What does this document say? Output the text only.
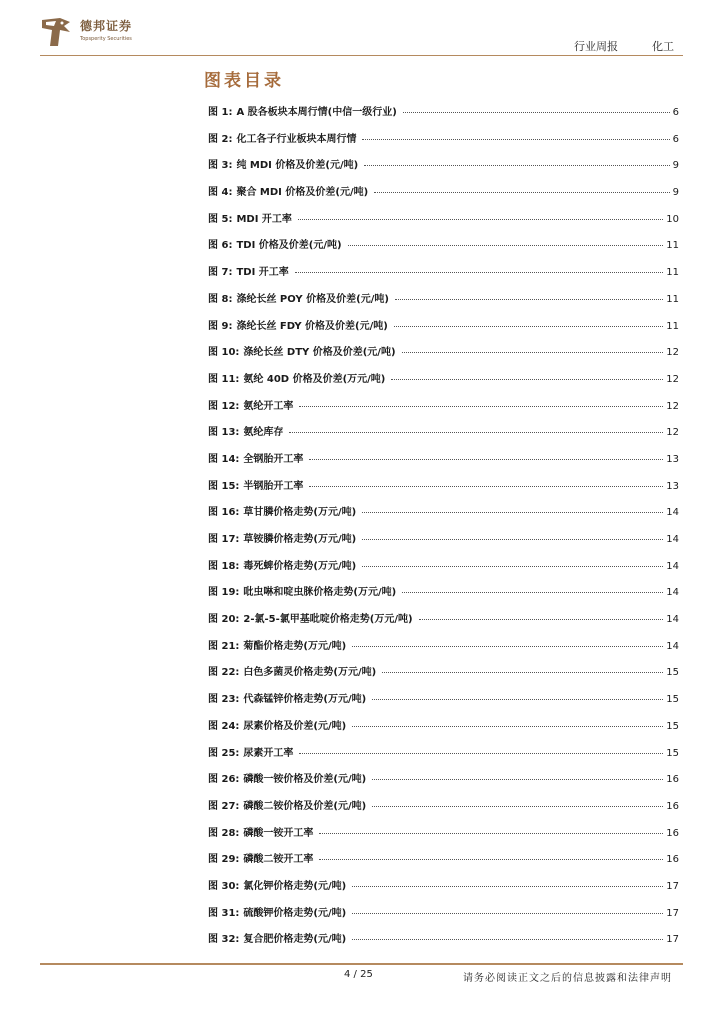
德邦证券
Topsperity Securities
行业周报	化工
图表目录
图 1: A 股各板块本周行情(中信一级行业)	6
图 2: 化工各子行业板块本周行情	6
图 3: 纯 MDI 价格及价差(元/吨)	9
图 4: 聚合 MDI 价格及价差(元/吨)	9
图 5: MDI 开工率	10
图 6: TDI 价格及价差(元/吨)	11
图 7: TDI 开工率	11
图 8: 涤纶长丝 POY 价格及价差(元/吨)	11
图 9: 涤纶长丝 FDY 价格及价差(元/吨)	11
图 10: 涤纶长丝 DTY 价格及价差(元/吨)	12
图 11: 氨纶 40D 价格及价差(万元/吨)	12
图 12: 氨纶开工率	12
图 13: 氨纶库存	12
图 14: 全钢胎开工率	13
图 15: 半钢胎开工率	13
图 16: 草甘膦价格走势(万元/吨)	14
图 17: 草铵膦价格走势(万元/吨)	14
图 18: 毒死蜱价格走势(万元/吨)	14
图 19: 吡虫啉和啶虫脒价格走势(万元/吨)	14
图 20: 2-氯-5-氯甲基吡啶价格走势(万元/吨)	14
图 21: 菊酯价格走势(万元/吨)	14
图 22: 白色多菌灵价格走势(万元/吨)	15
图 23: 代森锰锌价格走势(万元/吨)	15
图 24: 尿素价格及价差(元/吨)	15
图 25: 尿素开工率	15
图 26: 磷酸一铵价格及价差(元/吨)	16
图 27: 磷酸二铵价格及价差(元/吨)	16
图 28: 磷酸一铵开工率	16
图 29: 磷酸二铵开工率	16
图 30: 氯化钾价格走势(元/吨)	17
图 31: 硫酸钾价格走势(元/吨)	17
图 32: 复合肥价格走势(元/吨)	17
4 / 25	请务必阅读正文之后的信息披露和法律声明
